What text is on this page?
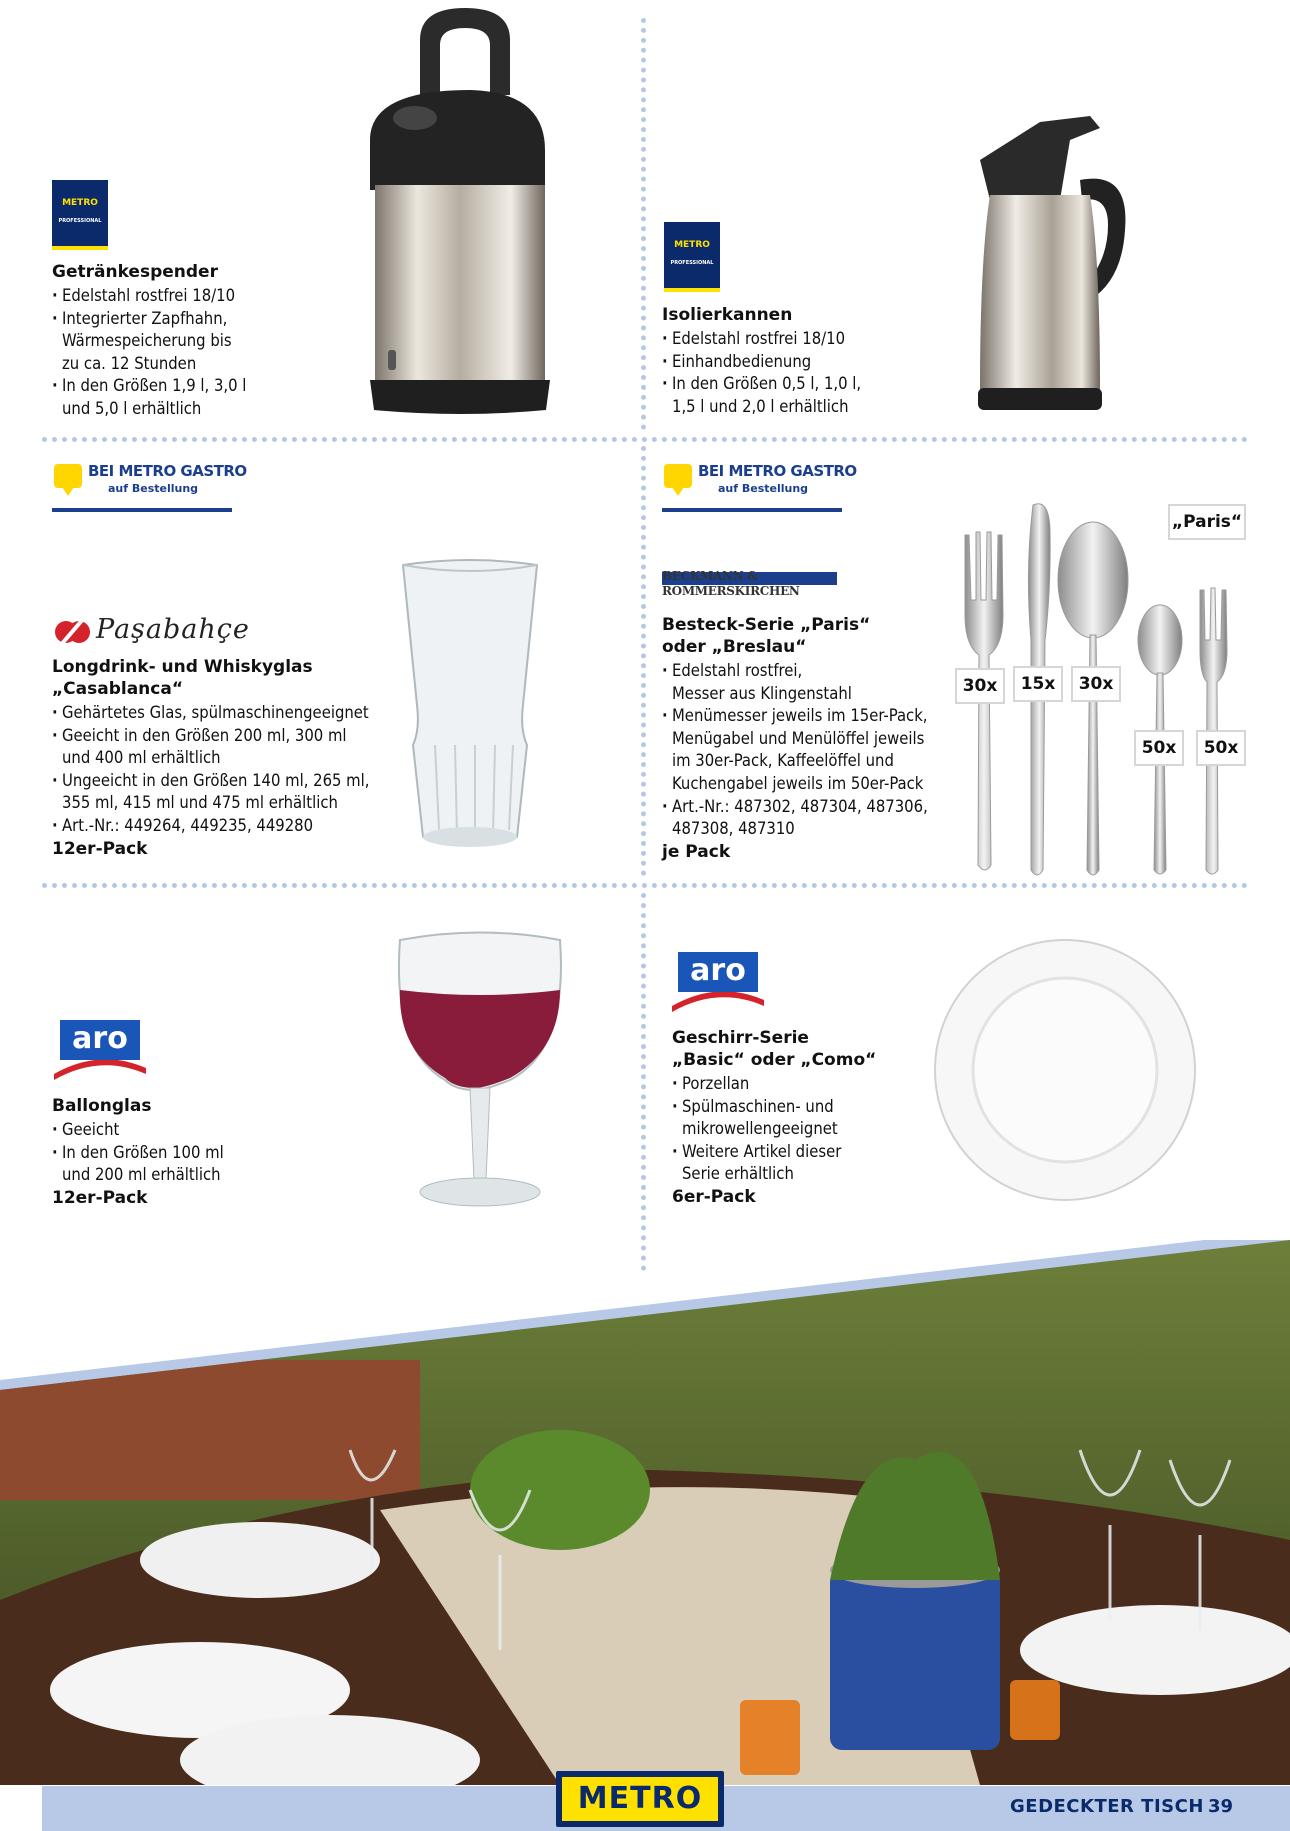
METRO
PROFESSIONAL
Getränkespender
· Edelstahl rostfrei 18/10
· Integrierter Zapfhahn,
Wärmespeicherung bis
zu ca. 12 Stunden
· In den Größen 1,9 l, 3,0 l
und 5,0 l erhältlich
METRO
PROFESSIONAL
Isolierkannen
· Edelstahl rostfrei 18/10
· Einhandbedienung
· In den Größen 0,5 l, 1,0 l,
1,5 l und 2,0 l erhältlich
BEI METRO GASTRO
auf Bestellung
Paşabahçe
Longdrink- und Whiskyglas
„Casablanca“
· Gehärtetes Glas, spülmaschinengeeignet
· Geeicht in den Größen 200 ml, 300 ml
und 400 ml erhältlich
· Ungeeicht in den Größen 140 ml, 265 ml,
355 ml, 415 ml und 475 ml erhältlich
· Art.-Nr.: 449264, 449235, 449280
12er-Pack
BEI METRO GASTRO
auf Bestellung
BECKMANN & ROMMERSKIRCHEN
Besteck-Serie „Paris“
oder „Breslau“
· Edelstahl rostfrei,
Messer aus Klingenstahl
· Menümesser jeweils im 15er-Pack,
Menügabel und Menülöffel jeweils
im 30er-Pack, Kaffeelöffel und
Kuchengabel jeweils im 50er-Pack
· Art.-Nr.: 487302, 487304, 487306,
487308, 487310
je Pack
„Paris“
30x	15x	30x
50x	50x
aro
Ballonglas
· Geeicht
· In den Größen 100 ml
und 200 ml erhältlich
12er-Pack
aro
Geschirr-Serie
„Basic“ oder „Como“
· Porzellan
· Spülmaschinen- und
mikrowellengeeignet
· Weitere Artikel dieser
Serie erhältlich
6er-Pack
METRO	GEDECKTER TISCH 39
